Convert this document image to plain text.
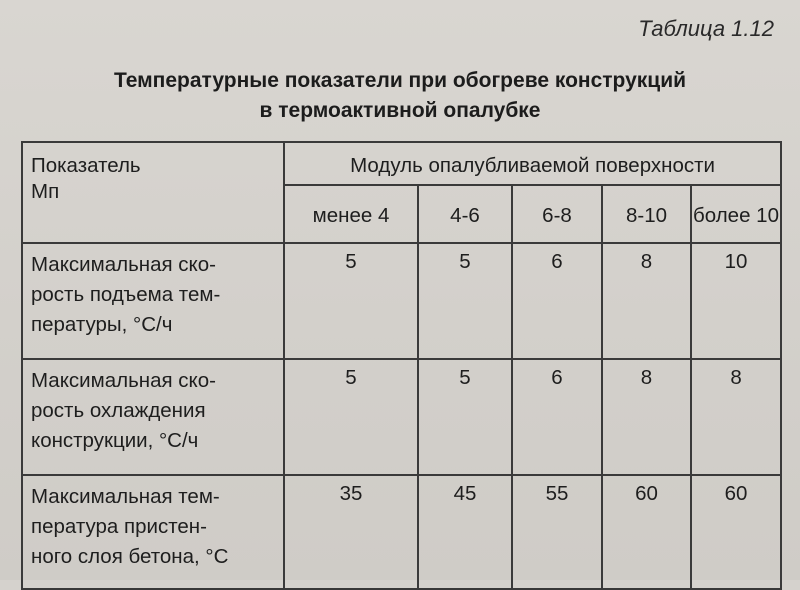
Таблица 1.12
Температурные показатели при обогреве конструкций
в термоактивной опалубке
Показатель
Мп	Модуль опалубливаемой поверхности				
	менее 4	4-6	6-8	8-10	более 10

Максимальная ско-
рость подъема тем-
пературы, °С/ч	5	5	6	8	10

Максимальная ско-
рость охлаждения
конструкции, °С/ч	5	5	6	8	8

Максимальная тем-
пература пристен-
ного слоя бетона, °С	35	45	55	60	60
